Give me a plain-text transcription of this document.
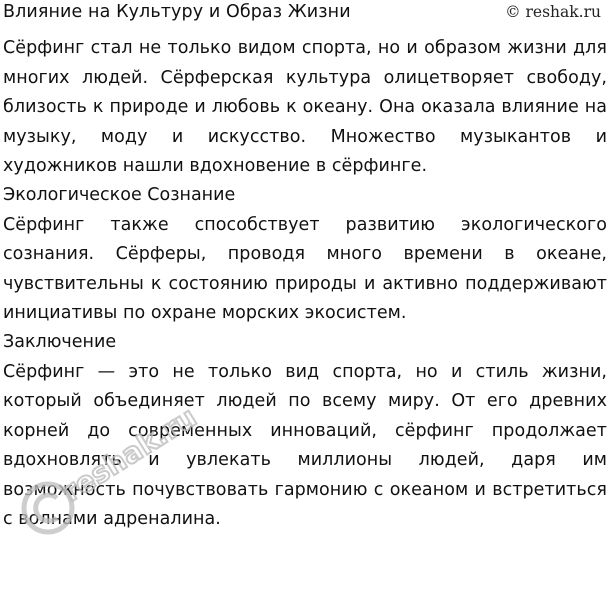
Влияние на Культуру и Образ Жизни	© reshak.ru

Сёрфинг стал не только видом спорта, но и образом жизни для многих людей. Сёрферская культура олицетворяет свободу, близость к природе и любовь к океану. Она оказала влияние на музыку, моду и искусство. Множество музыкантов и художников нашли вдохновение в сёрфинге.

Экологическое Сознание

Сёрфинг также способствует развитию экологического сознания. Сёрферы, проводя много времени в океане, чувствительны к состоянию природы и активно поддерживают инициативы по охране морских экосистем.

Заключение

Сёрфинг — это не только вид спорта, но и стиль жизни, который объединяет людей по всему миру. От его древних корней до современных инноваций, сёрфинг продолжает вдохновлять и увлекать миллионы людей, даря им возможность почувствовать гармонию с океаном и встретиться с волнами адреналина.

reshak.ru
